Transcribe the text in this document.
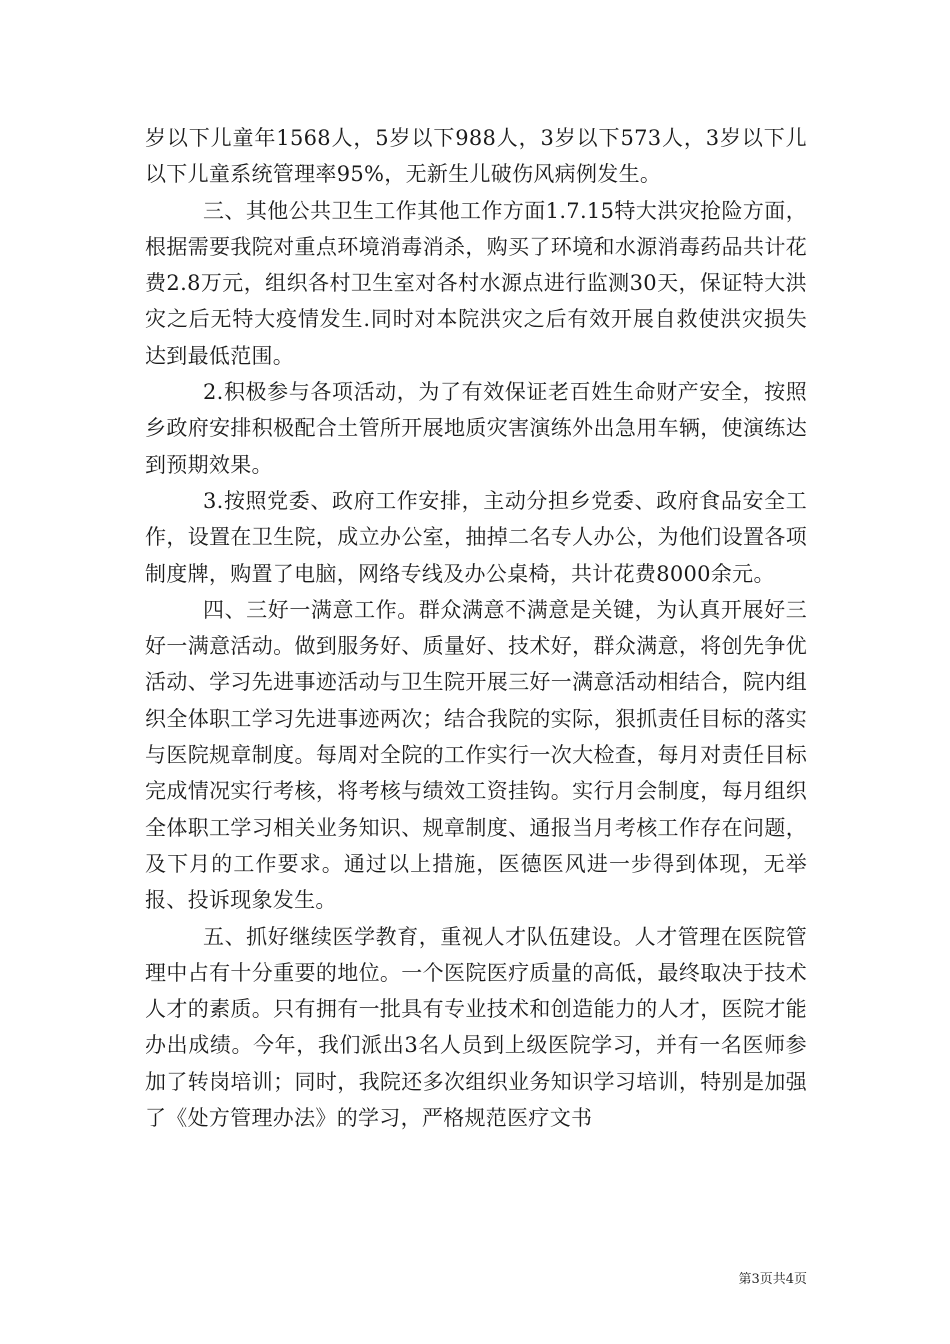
岁以下儿童年1568人，5岁以下988人，3岁以下573人，3岁以下儿以下儿童系统管理率95%，无新生儿破伤风病例发生。

三、其他公共卫生工作其他工作方面1.7.15特大洪灾抢险方面，根据需要我院对重点环境消毒消杀，购买了环境和水源消毒药品共计花费2.8万元，组织各村卫生室对各村水源点进行监测30天，保证特大洪灾之后无特大疫情发生.同时对本院洪灾之后有效开展自救使洪灾损失达到最低范围。

2.积极参与各项活动，为了有效保证老百姓生命财产安全，按照乡政府安排积极配合土管所开展地质灾害演练外出急用车辆，使演练达到预期效果。

3.按照党委、政府工作安排，主动分担乡党委、政府食品安全工作，设置在卫生院，成立办公室，抽掉二名专人办公，为他们设置各项制度牌，购置了电脑，网络专线及办公桌椅，共计花费8000余元。

四、三好一满意工作。群众满意不满意是关键，为认真开展好三好一满意活动。做到服务好、质量好、技术好，群众满意，将创先争优活动、学习先进事迹活动与卫生院开展三好一满意活动相结合，院内组织全体职工学习先进事迹两次；结合我院的实际，狠抓责任目标的落实与医院规章制度。每周对全院的工作实行一次大检查，每月对责任目标完成情况实行考核，将考核与绩效工资挂钩。实行月会制度，每月组织全体职工学习相关业务知识、规章制度、通报当月考核工作存在问题，及下月的工作要求。通过以上措施，医德医风进一步得到体现，无举报、投诉现象发生。

五、抓好继续医学教育，重视人才队伍建设。人才管理在医院管理中占有十分重要的地位。一个医院医疗质量的高低，最终取决于技术人才的素质。只有拥有一批具有专业技术和创造能力的人才，医院才能办出成绩。今年，我们派出3名人员到上级医院学习，并有一名医师参加了转岗培训；同时，我院还多次组织业务知识学习培训，特别是加强了《处方管理办法》的学习，严格规范医疗文书

第3页共4页
